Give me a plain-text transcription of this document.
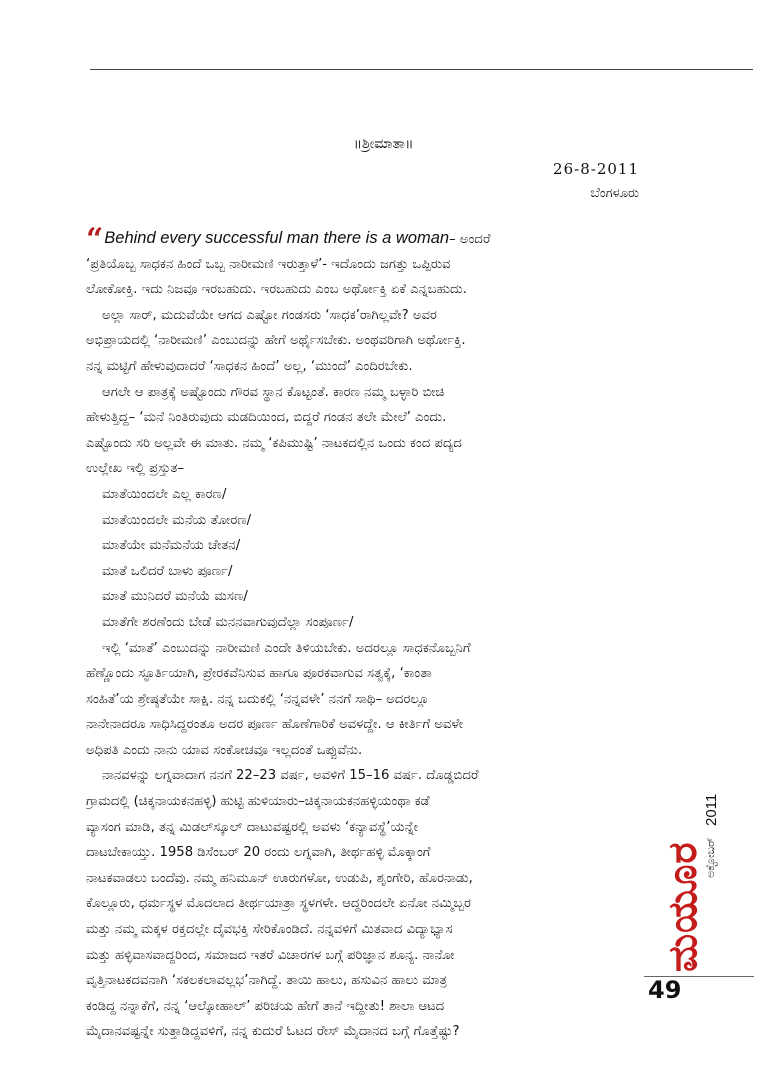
॥ಶ್ರೀಮಾತಾ॥
26-8-2011
ಬೆಂಗಳೂರು
“Behind every successful man there is a woman– ಅಂದರೆ
‘ಪ್ರತಿಯೊಬ್ಬ ಸಾಧಕನ ಹಿಂದೆ ಒಬ್ಬ ನಾರೀಮಣಿ ಇರುತ್ತಾಳೆ’- ಇದೊಂದು ಜಗತ್ತು ಒಪ್ಪಿರುವ
ಲೋಕೋಕ್ತಿ. ಇದು ನಿಜವೂ ಇರಬಹುದು. ಇರಬಹುದು ಎಂಬ ಅರ್ಥೋಕ್ತಿ ಏಕೆ ಎನ್ನಬಹುದು.
ಅಲ್ಲಾ ಸಾರ್, ಮದುವೆಯೇ ಆಗದ ಎಷ್ಟೋ ಗಂಡಸರು ‘ಸಾಧಕ’ರಾಗಿಲ್ಲವೇ? ಅವರ
ಅಭಿಪ್ರಾಯದಲ್ಲಿ ‘ನಾರೀಮಣಿ’ ಎಂಬುದನ್ನು ಹೇಗೆ ಅರ್ಥೈಸಬೇಕು. ಅಂಥವರಿಗಾಗಿ ಅರ್ಥೋಕ್ತಿ.
ನನ್ನ ಮಟ್ಟಿಗೆ ಹೇಳುವುದಾದರೆ ‘ಸಾಧಕನ ಹಿಂದೆ’ ಅಲ್ಲ, ‘ಮುಂದೆ’ ಎಂದಿರಬೇಕು.
ಆಗಲೇ ಆ ಪಾತ್ರಕ್ಕೆ ಅಷ್ಟೊಂದು ಗೌರವ ಸ್ಥಾನ ಕೊಟ್ಟಂತೆ. ಕಾರಣ ನಮ್ಮ ಬಳ್ಳಾರಿ ಬೀಚಿ
ಹೇಳುತ್ತಿದ್ದ– ‘ಮನೆ ನಿಂತಿರುವುದು ಮಡದಿಯಿಂದ, ಬಿದ್ದರೆ ಗಂಡನ ತಲೇ ಮೇಲೆ’ ಎಂದು.
ಎಷ್ಟೊಂದು ಸರಿ ಅಲ್ಲವೇ ಈ ಮಾತು. ನಮ್ಮ ‘ಕಪಿಮುಷ್ಟಿ’ ನಾಟಕದಲ್ಲಿನ ಒಂದು ಕಂದ ಪದ್ಯದ
ಉಲ್ಲೇಖ ಇಲ್ಲಿ ಪ್ರಸ್ತುತ–
ಮಾತೆಯಿಂದಲೇ ಎಲ್ಲ ಕಾರಣ/
ಮಾತೆಯಿಂದಲೇ ಮನೆಯ ತೋರಣ/
ಮಾತೆಯೇ ಮನೆಮನೆಯ ಚೇತನ/
ಮಾತೆ ಒಲಿದರೆ ಬಾಳು ಪೂರ್ಣ/
ಮಾತೆ ಮುನಿದರೆ ಮನೆಯೆ ಮಸಣ/
ಮಾತೆಗೇ ಶರಣೆಂದು ಬೇಡೆ ಮನನವಾಗುವುದೆಲ್ಲಾ ಸಂಪೂರ್ಣ/
ಇಲ್ಲಿ ‘ಮಾತೆ’ ಎಂಬುದನ್ನು ನಾರೀಮಣಿ ಎಂದೇ ತಿಳಿಯಬೇಕು. ಅದರಲ್ಲೂ ಸಾಧಕನೊಬ್ಬನಿಗೆ
ಹೆಣ್ಣೊಂದು ಸ್ಫೂರ್ತಿಯಾಗಿ, ಪ್ರೇರಕವೆನಿಸುವ ಹಾಗೂ ಪೂರಕವಾಗುವ ಸತ್ವಕ್ಕೆ, ‘ಕಾಂತಾ
ಸಂಹಿತೆ’ಯ ಶ್ರೇಷ್ಠತೆಯೇ ಸಾಕ್ಷಿ. ನನ್ನ ಬದುಕಲ್ಲಿ ‘ನನ್ನವಳೇ’ ನನಗೆ ಸಾಥಿ– ಅದರಲ್ಲೂ
ನಾನೇನಾದರೂ ಸಾಧಿಸಿದ್ದರಂತೂ ಅದರ ಪೂರ್ಣ ಹೊಣೆಗಾರಿಕೆ ಅವಳದ್ದೇ. ಆ ಕೀರ್ತಿಗೆ ಅವಳೇ
ಅಧಿಪತಿ ಎಂದು ನಾನು ಯಾವ ಸಂಕೋಚವೂ ಇಲ್ಲದಂತೆ ಒಪ್ಪುವೆನು.
ನಾನವಳನ್ನು ಲಗ್ನವಾದಾಗ ನನಗೆ 22–23 ವರ್ಷ, ಅವಳಿಗೆ 15–16 ವರ್ಷ. ದೊಡ್ಡಬಿದರೆ
ಗ್ರಾಮದಲ್ಲಿ (ಚಿಕ್ಕನಾಯಕನಹಳ್ಳಿ) ಹುಟ್ಟಿ ಹುಳಿಯಾರು–ಚಿಕ್ಕನಾಯಕನಹಳ್ಳಿಯಂಥಾ ಕಡೆ
ವ್ಯಾಸಂಗ ಮಾಡಿ, ತನ್ನ ಮಿಡಲ್‌ಸ್ಕೂಲ್ ದಾಟುವಷ್ಟರಲ್ಲಿ ಅವಳು ‘ಕನ್ಯಾವಸ್ಥೆ’ಯನ್ನೇ
ದಾಟಬೇಕಾಯ್ತು. 1958 ಡಿಸೆಂಬರ್ 20 ರಂದು ಲಗ್ನವಾಗಿ, ತೀರ್ಥಹಳ್ಳಿ ಮೊಕ್ಕಾಂಗೆ
ನಾಟಕವಾಡಲು ಬಂದೆವು. ನಮ್ಮ ಹನಿಮೂನ್ ಊರುಗಳೋ, ಉಡುಪಿ, ಶೃಂಗೇರಿ, ಹೊರನಾಡು,
ಕೊಲ್ಲೂರು, ಧರ್ಮಸ್ಥಳ ಮೊದಲಾದ ತೀರ್ಥಯಾತ್ರಾ ಸ್ಥಳಗಳೇ. ಆದ್ದರಿಂದಲೇ ಏನೋ ನಮ್ಮಿಬ್ಬರ
ಮತ್ತು ನಮ್ಮ ಮಕ್ಕಳ ರಕ್ತದಲ್ಲೇ ದೈವಭಕ್ತಿ ಸೇರಿಕೊಂಡಿದೆ. ನನ್ನವಳಿಗೆ ಮಿತವಾದ ವಿದ್ಯಾಭ್ಯಾಸ
ಮತ್ತು ಹಳ್ಳಿವಾಸವಾದ್ದರಿಂದ, ಸಮಾಜದ ಇತರೆ ವಿಚಾರಗಳ ಬಗ್ಗೆ ಪರಿಜ್ಞಾನ ಶೂನ್ಯ. ನಾನೋ
ವೃತ್ತಿನಾಟಕದವನಾಗಿ ‘ಸಕಲಕಲಾವಲ್ಲಭ’ನಾಗಿದ್ದೆ. ತಾಯಿ ಹಾಲು, ಹಸುವಿನ ಹಾಲು ಮಾತ್ರ
ಕಂಡಿದ್ದ ನನ್ನಾಕೆಗೆ, ನನ್ನ ‘ಆಲ್ಕೋಹಾಲ್’ ಪರಿಚಯ ಹೇಗೆ ತಾನೆ ಇದ್ದೀತು! ಶಾಲಾ ಆಟದ
ಮೈದಾನವಷ್ಟನ್ನೇ ಸುತ್ತಾಡಿದ್ದವಳಿಗೆ, ನನ್ನ ಕುದುರೆ ಓಟದ ರೇಸ್ ಮೈದಾನದ ಬಗ್ಗೆ ಗೊತ್ತೆಷ್ಟು?
ಮಯೂರ
ಅಕ್ಟೋಬರ್
2011
49
